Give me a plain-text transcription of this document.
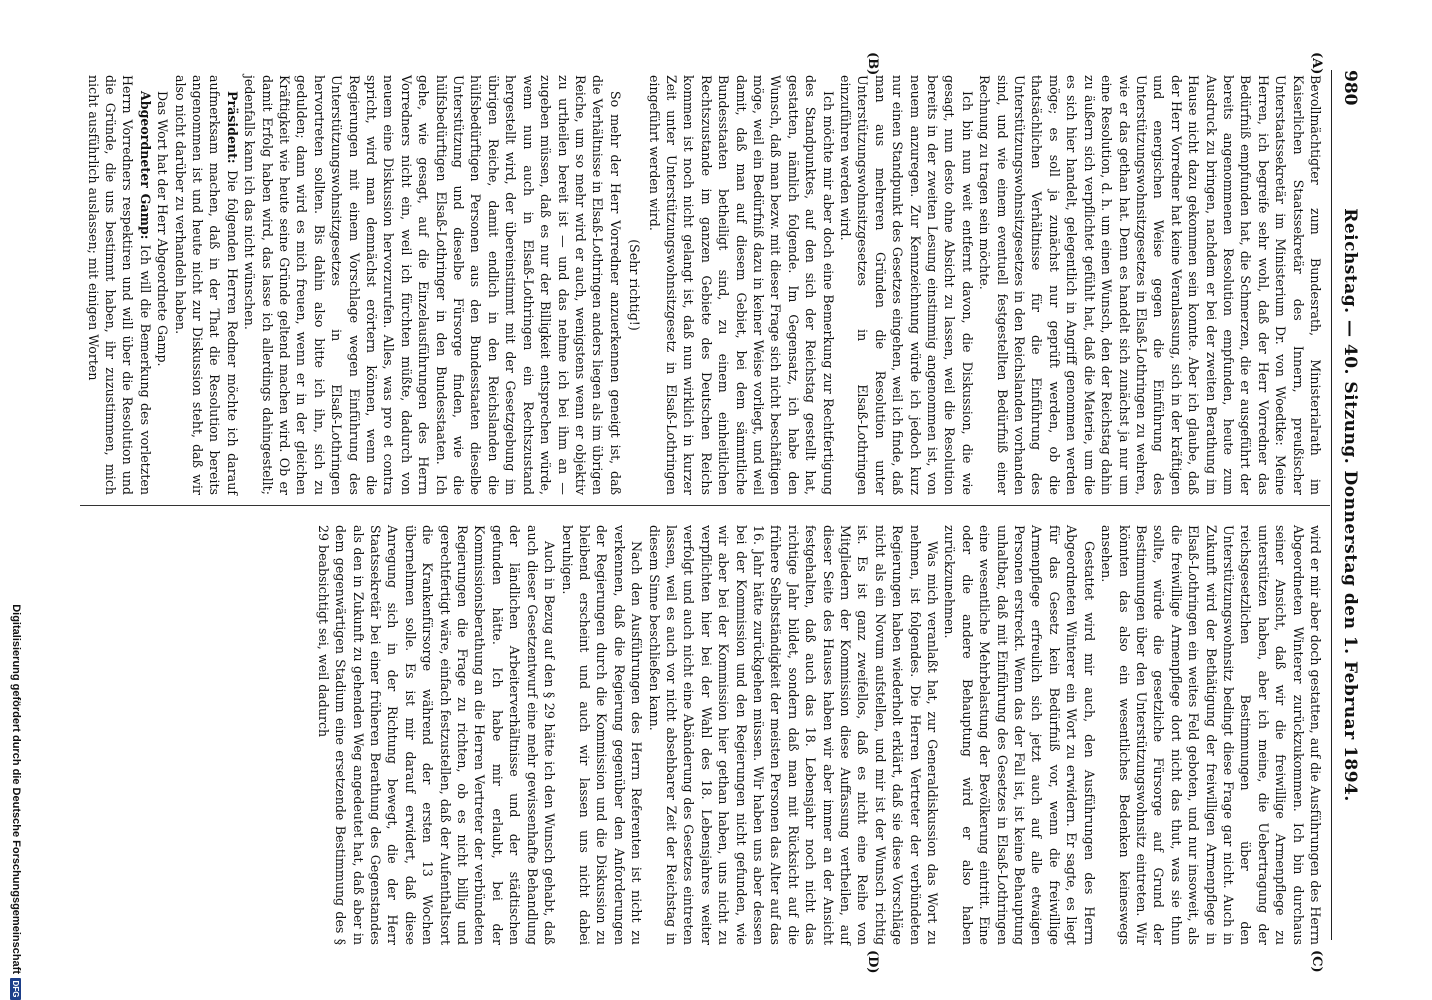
980
Reichstag. — 40. Sitzung. Donnerstag den 1. Februar 1894.
(A)
(B)
(C)
(D)

Bevollmächtigter zum Bundesrath, Ministerialrath im Kaiserlichen Staatssekretär des Innern, preußischer Unterstaatssekretär im Ministerium Dr. von Woedtke: Meine Herren, ich begreife sehr wohl, daß der Herr Vorredner das Bedürfniß empfunden hat, die Schmerzen, die er ausgeführt der bereits angenommenen Resolution empfunden, heute zum Ausdruck zu bringen, nachdem er bei der zweiten Berathung im Hause nicht dazu gekommen sein konnte. Aber ich glaube, daß der Herr Vorredner hat keine Veranlassung, sich in der kräftigen und energischen Weise gegen die Einführung des Unterstützungswohnsitzgesetzes in Elsaß-Lothringen zu wehren, wie er das gethan hat. Denn es handelt sich zunächst ja nur um eine Resolution, d. h. um einen Wunsch, den der Reichstag dahin zu äußern sich verpflichtet gefühlt hat, daß die Materie, um die es sich hier handelt, gelegentlich in Angriff genommen werden möge; es soll ja zunächst nur geprüft werden, ob die thatsächlichen Verhältnisse für die Einführung des Unterstützungswohnsitzgesetzes in den Reichslanden vorhanden sind, und wie einem eventuell festgestellten Bedürfniß einer Rechnung zu tragen sein möchte.

Ich bin nun weit entfernt davon, die Diskussion, die wie gesagt, nun desto ohne Absicht zu lassen, weil die Resolution bereits in der zweiten Lesung einstimmig angenommen ist, von neuem anzuregen. Zur Kennzeichnung würde ich jedoch kurz nur einen Standpunkt des Gesetzes eingehen, weil ich finde, daß man aus mehreren Gründen die Resolution unter Unterstützungswohnsitzgesetzes in Elsaß-Lothringen einzuführen werden wird.

Ich möchte mir aber doch eine Bemerkung zur Rechtfertigung des Standpunktes, auf den sich der Reichstag gestellt hat, gestatten, nämlich folgende. Im Gegensatz, ich habe den Wunsch, daß man bezw. mit dieser Frage sich nicht beschäftigen möge, weil ein Bedürfniß dazu in keiner Weise vorliegt, und weil damit, daß man auf diesem Gebiet, bei dem sämmtliche Bundesstaaten betheiligt sind, zu einem einheitlichen Rechtszustande im ganzen Gebiete des Deutschen Reichs kommen ist noch nicht gelangt ist, daß nun wirklich in kurzer Zeit unter Unterstützungswohnsitzgesetz in Elsaß-Lothringen eingeführt werden wird.

(Sehr richtig!)

So mehr der Herr Vorredner anzuerkennen geneigt ist, daß die Verhältnisse in Elsaß-Lothringen anders liegen als im übrigen Reiche, um so mehr wird er auch, wenigstens wenn er objektiv zu urtheilen bereit ist — und das nehme ich bei ihm an — zugeben müssen, daß es nur der Billigkeit entsprechen würde, wenn nun auch in Elsaß-Lothringen ein Rechtszustand hergestellt wird, der übereinstimmt mit der Gesetzgebung im übrigen Reiche, damit endlich in den Reichslanden die hülfsbedürftigen Personen aus den Bundesstaaten dieselbe Unterstützung und dieselbe Fürsorge finden, wie die hülfsbedürftigen Elsaß-Lothringer in den Bundesstaaten. Ich gehe, wie gesagt, auf die Einzelausführungen des Herrn Vorredners nicht ein, weil ich fürchten müßte, dadurch von neuem eine Diskussion hervorzurufen. Alles, was pro et contra spricht, wird man demnächst erörtern können, wenn die Regierungen mit einem Vorschlage wegen Einführung des Unterstützungswohnsitzgesetzes in Elsaß-Lothringen hervortreten sollten. Bis dahin also bitte ich ihn, sich zu gedulden; dann wird es mich freuen, wenn er in der gleichen Kräftigkeit wie heute seine Gründe geltend machen wird. Ob er damit Erfolg haben wird, das lasse ich allerdings dahingestellt; jedenfalls kann ich das nicht wünschen.

Präsident: Die folgenden Herren Redner möchte ich darauf aufmerksam machen, daß in der That die Resolution bereits angenommen ist und heute nicht zur Diskussion steht, daß wir also nicht darüber zu verhandeln haben.

Das Wort hat der Herr Abgeordnete Gamp.

Abgeordneter Gamp: Ich will die Bemerkung des vorletzten Herrn Vorredners respektiren und will über die Resolution und die Gründe, die uns bestimmt haben, ihr zuzustimmen, mich nicht ausführlich auslassen; mit einigen Worten

wird er mir aber doch gestatten, auf die Ausführungen des Herrn Abgeordneten Winterer zurückzukommen. Ich bin durchaus seiner Ansicht, daß wir die freiwillige Armenpflege zu unterstützen haben, aber ich meine, die Uebertragung der reichsgesetzlichen Bestimmungen über den Unterstützungswohnsitz bedingt diese Frage gar nicht. Auch in Zukunft wird der Bethätigung der freiwilligen Armenpflege in Elsaß-Lothringen ein weites Feld geboten, und nur insoweit, als die freiwillige Armenpflege dort nicht das thut, was sie thun sollte, würde die gesetzliche Fürsorge auf Grund der Bestimmungen über den Unterstützungswohnsitz eintreten. Wir könnten das also ein wesentliches Bedenken keineswegs ansehen.

Gestattet wird mir auch, den Ausführungen des Herrn Abgeordneten Winterer ein Wort zu erwidern. Er sagte, es liegt für das Gesetz kein Bedürfniß vor, wenn die freiwillige Armenpflege erfreulich sich jetzt auch auf alle etwaigen Personen erstreckt. Wenn das der Fall ist, ist keine Behauptung unhaltbar, daß mit Einführung des Gesetzes in Elsaß-Lothringen eine wesentliche Mehrbelastung der Bevölkerung eintritt. Eine oder die andere Behauptung wird er also haben zurückzunehmen.

Was mich veranlaßt hat, zur Generaldiskussion das Wort zu nehmen, ist folgendes. Die Herren Vertreter der verbündeten Regierungen haben wiederholt erklärt, daß sie diese Vorschläge nicht als ein Novum aufstellen, und mir ist der Wunsch richtig ist. Es ist ganz zweifellos, daß es nicht eine Reihe von Mitgliedern der Kommission diese Auffassung vertheilen, auf dieser Seite des Hauses haben wir aber immer an der Ansicht festgehalten, daß auch das 18. Lebensjahr noch nicht das richtige Jahr bildet, sondern daß man mit Rücksicht auf die frühere Selbstständigkeit der meisten Personen das Alter auf das 16. Jahr hätte zurückgehen müssen. Wir haben uns aber dessen bei der Kommission und den Regierungen nicht gefunden, wie wir aber bei der Kommission hier gethan haben, uns nicht zu verpflichten hier bei der Wahl des 18. Lebensjahres weiter verfolgt und auch nicht eine Abänderung des Gesetzes eintreten lassen, weil es auch vor nicht absehbarer Zeit der Reichstag in diesem Sinne beschließen kann.

Nach den Ausführungen des Herrn Referenten ist nicht zu verkennen, daß die Regierung gegenüber den Anforderungen der Regierungen durch die Kommission und die Diskussion zu bleibend erscheint und auch wir lassen uns nicht dabei beruhigen.

Auch in Bezug auf den § 29 hätte ich den Wunsch gehabt, daß auch dieser Gesetzentwurf eine mehr gewissenhafte Behandlung der ländlichen Arbeiterverhältnisse und der städtischen gefunden hätte. Ich habe mir erlaubt, bei der Kommissionsberathung an die Herren Vertreter der verbündeten Regierungen die Frage zu richten, ob es nicht billig und gerechtfertigt wäre, einfach festzustellen, daß der Aufenthaltsort die Krankenfürsorge während der ersten 13 Wochen übernehmen solle. Es ist mir darauf erwidert, daß diese Anregung sich in der Richtung bewegt, die der Herr Staatssekretär bei einer früheren Berathung des Gegenstandes als den in Zukunft zu gehenden Weg angedeutet hat, daß aber in dem gegenwärtigen Stadium eine ersetzende Bestimmung des § 29 beabsichtigt sei, weil dadurch

Digitalisierung gefördert durch die Deutsche ForschungsgemeinschaftDFG
